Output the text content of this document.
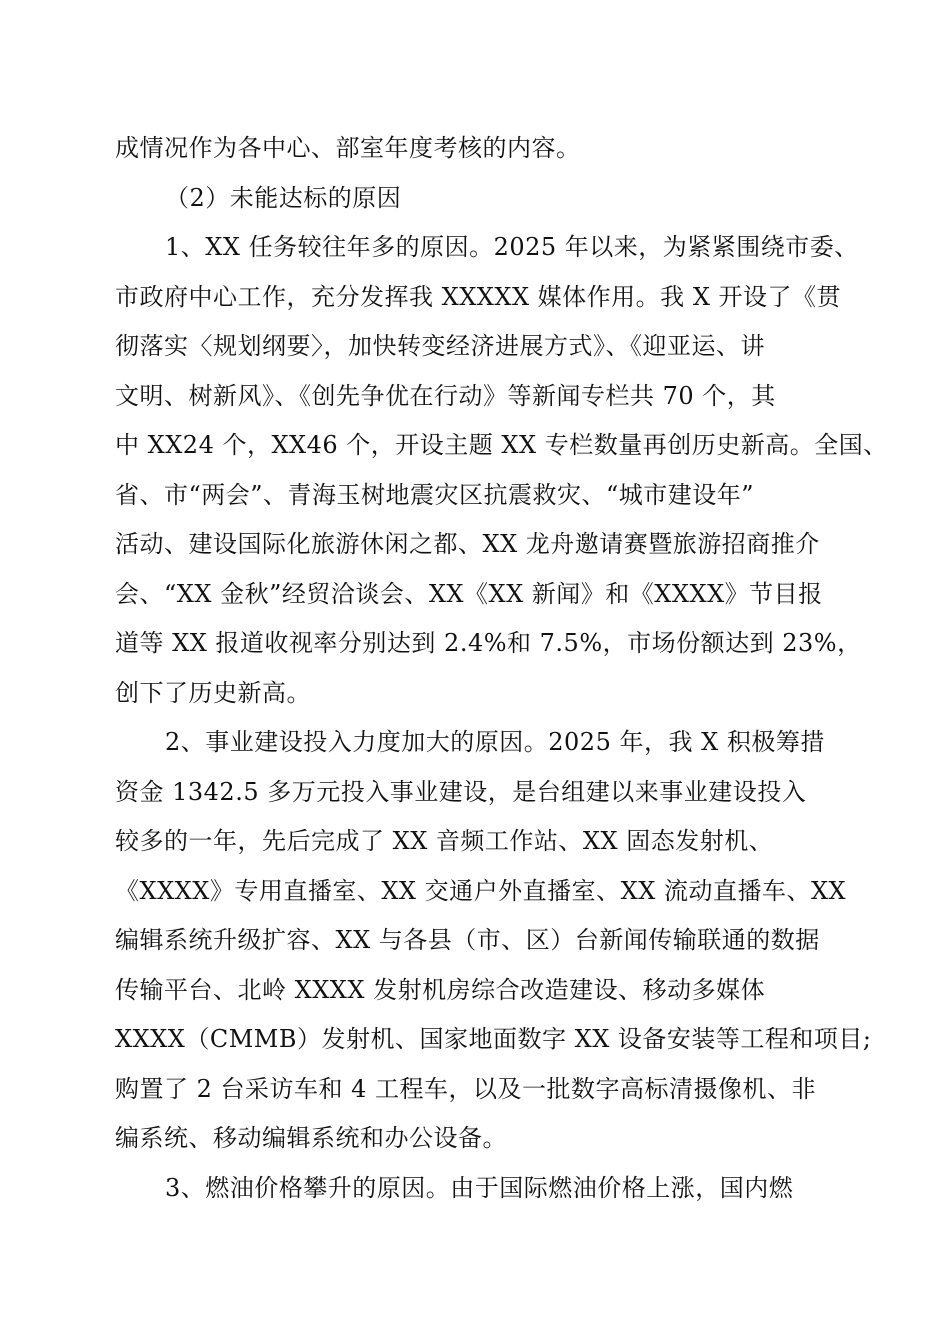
成情况作为各中心、部室年度考核的内容。
（2）未能达标的原因
1、XX 任务较往年多的原因。2025 年以来，为紧紧围绕市委、
市政府中心工作，充分发挥我 XXXXX 媒体作用。我 X 开设了《贯
彻落实〈规划纲要〉，加快转变经济进展方式》、《迎亚运、讲
文明、树新风》、《创先争优在行动》等新闻专栏共 70 个，其
中 XX24 个，XX46 个，开设主题 XX 专栏数量再创历史新高。全国、
省、市“两会”、青海玉树地震灾区抗震救灾、“城市建设年”
活动、建设国际化旅游休闲之都、XX 龙舟邀请赛暨旅游招商推介
会、“XX 金秋”经贸洽谈会、XX《XX 新闻》和《XXXX》节目报
道等 XX 报道收视率分别达到 2.4%和 7.5%，市场份额达到 23%，
创下了历史新高。
2、事业建设投入力度加大的原因。2025 年，我 X 积极筹措
资金 1342.5 多万元投入事业建设，是台组建以来事业建设投入
较多的一年，先后完成了 XX 音频工作站、XX 固态发射机、
《XXXX》专用直播室、XX 交通户外直播室、XX 流动直播车、XX
编辑系统升级扩容、XX 与各县（市、区）台新闻传输联通的数据
传输平台、北岭 XXXX 发射机房综合改造建设、移动多媒体
XXXX（CMMB）发射机、国家地面数字 XX 设备安装等工程和项目;
购置了 2 台采访车和 4 工程车，以及一批数字高标清摄像机、非
编系统、移动编辑系统和办公设备。
3、燃油价格攀升的原因。由于国际燃油价格上涨，国内燃
